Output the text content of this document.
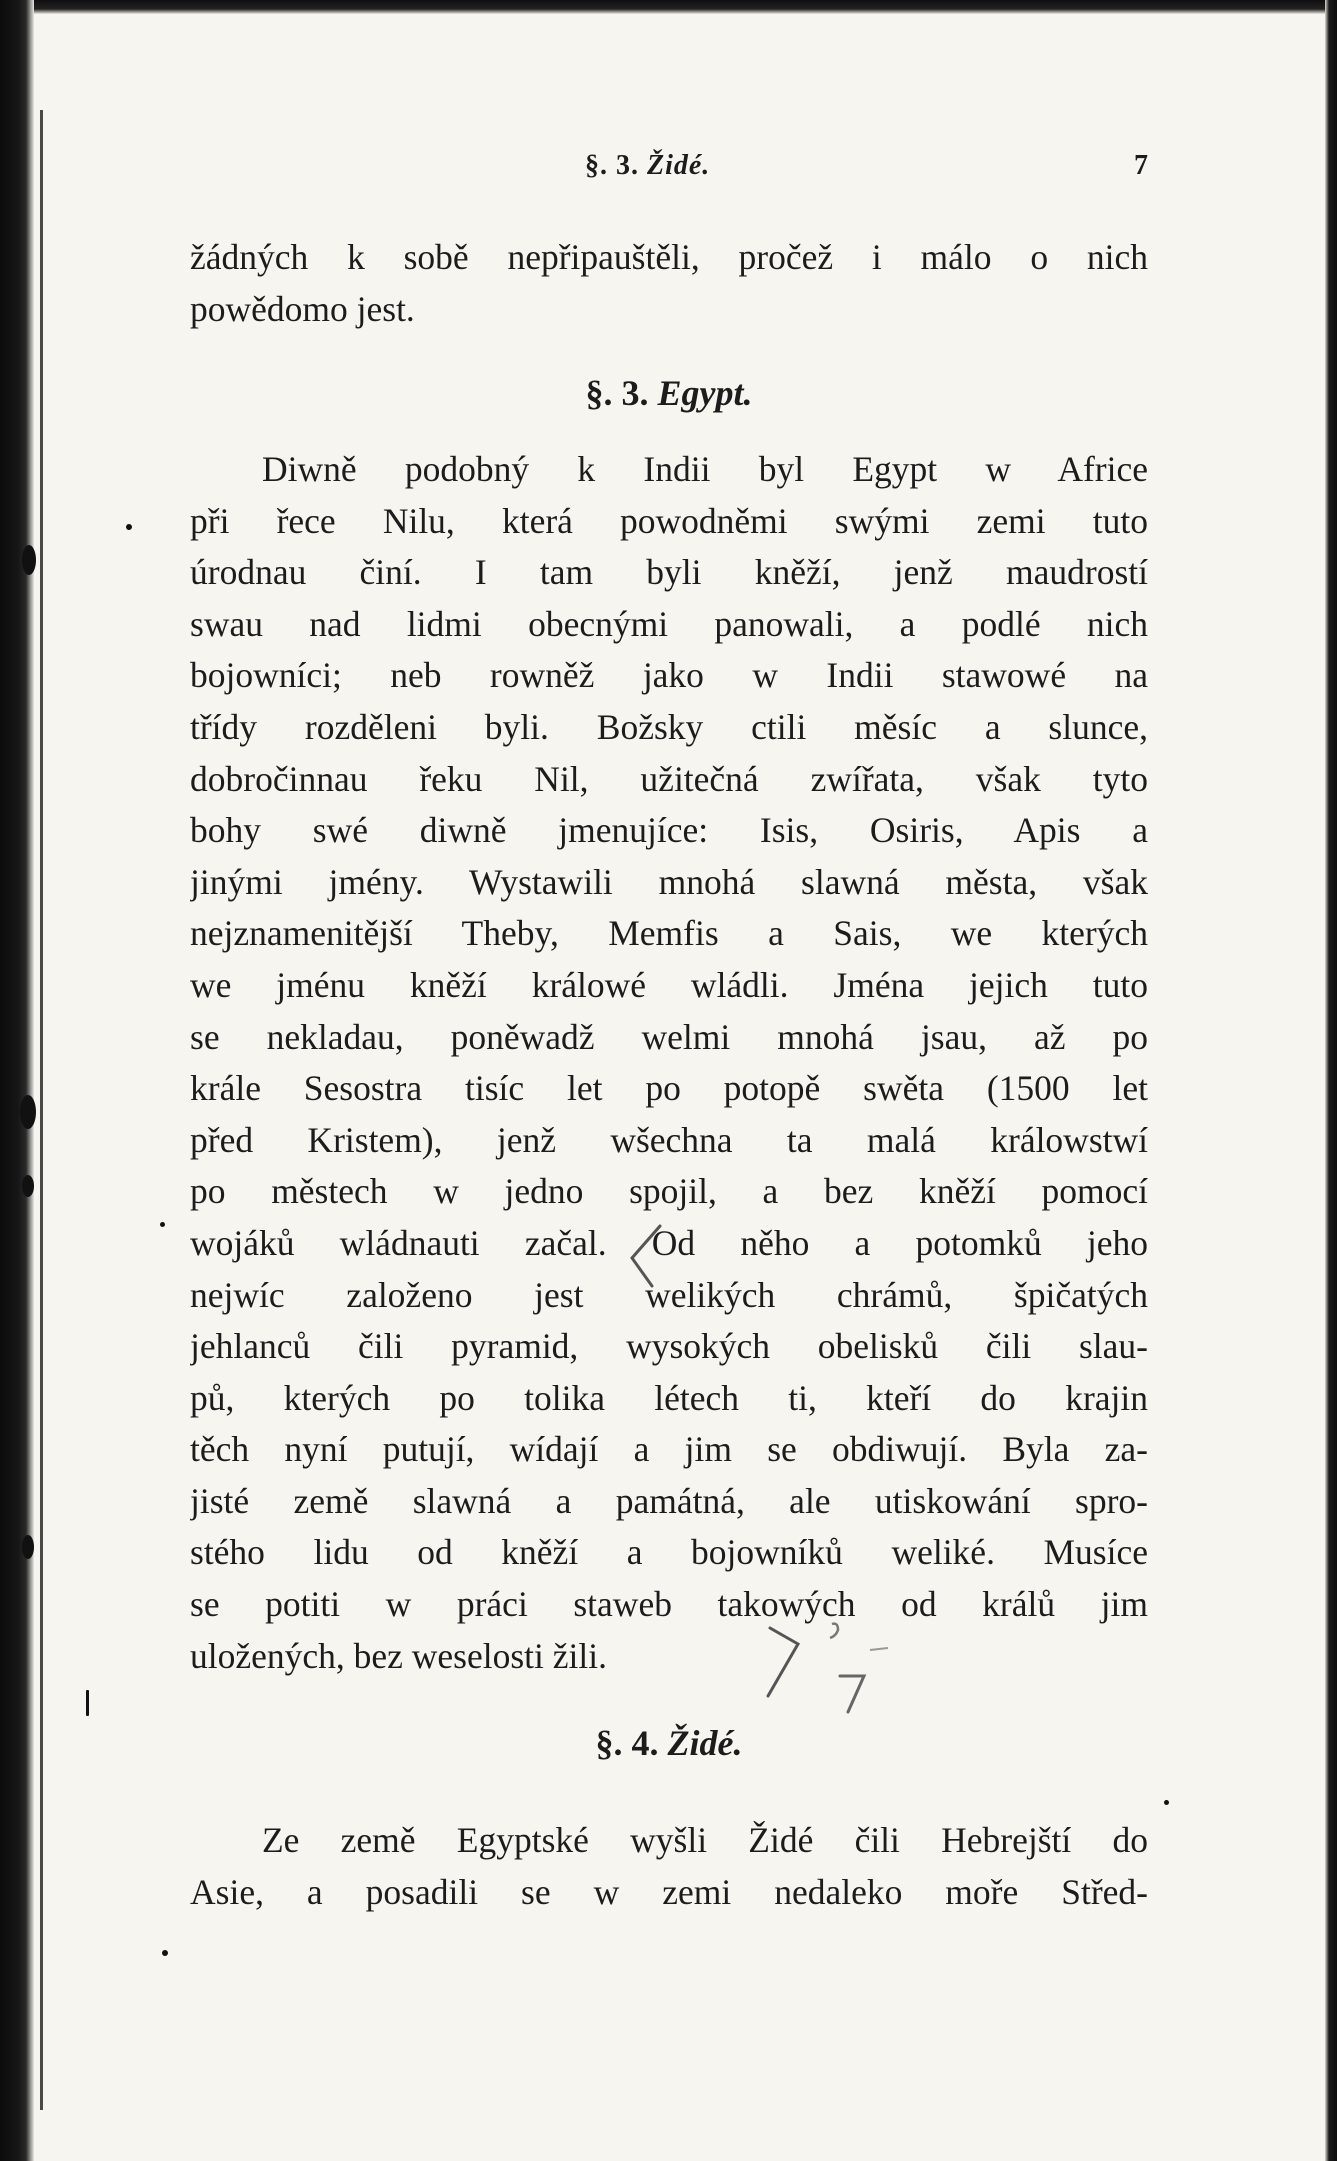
§. 3. Židé.	7
žádných k sobě nepřipauštěli, pročež i málo o nich
powědomo jest.
§. 3. Egypt.
Diwně podobný k Indii byl Egypt w Africe
při řece Nilu, která powodněmi swými zemi tuto
úrodnau činí. I tam byli kněží, jenž maudrostí
swau nad lidmi obecnými panowali, a podlé nich
bojowníci; neb rowněž jako w Indii stawowé na
třídy rozděleni byli. Božsky ctili měsíc a slunce,
dobročinnau řeku Nil, užitečná zwířata, však tyto
bohy swé diwně jmenujíce: Isis, Osiris, Apis a
jinými jmény. Wystawili mnohá slawná města, však
nejznamenitější Theby, Memfis a Sais, we kterých
we jménu kněží králowé wládli. Jména jejich tuto
se nekladau, poněwadž welmi mnohá jsau, až po
krále Sesostra tisíc let po potopě swěta (1500 let
před Kristem), jenž wšechna ta malá králowstwí
po městech w jedno spojil, a bez kněží pomocí
wojáků wládnauti začal. Od něho a potomků jeho
nejwíc založeno jest welikých chrámů, špičatých
jehlanců čili pyramid, wysokých obelisků čili slau-
pů, kterých po tolika létech ti, kteří do krajin
těch nyní putují, wídají a jim se obdiwují. Byla za-
jisté země slawná a památná, ale utiskowání spro-
stého lidu od kněží a bojowníků weliké. Musíce
se potiti w práci staweb takowých od králů jim
uložených, bez weselosti žili.
§. 4. Židé.
Ze země Egyptské wyšli Židé čili Hebrejští do
Asie, a posadili se w zemi nedaleko moře Střed-
